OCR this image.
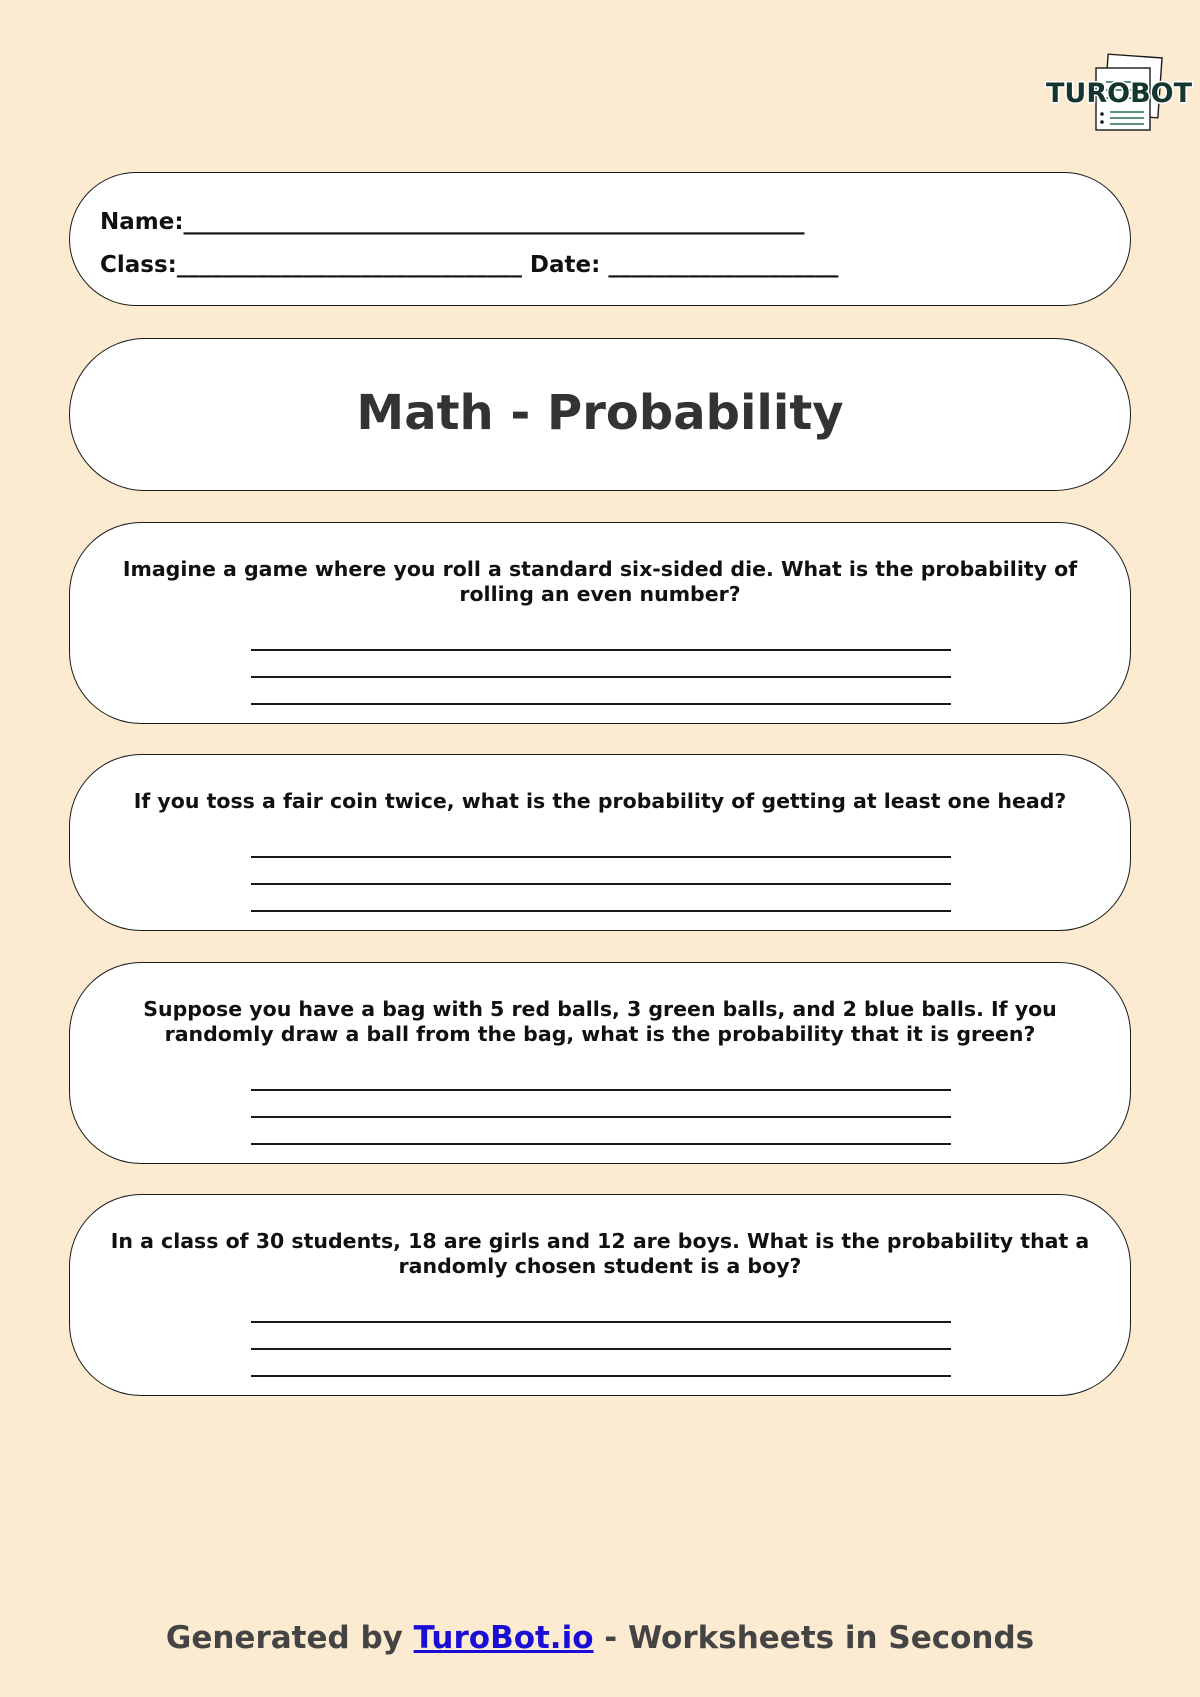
TUROBOT
Name:______________________________________________________
Class:______________________________ Date: ____________________
Math - Probability
Imagine a game where you roll a standard six-sided die. What is the probability of rolling an even number?
If you toss a fair coin twice, what is the probability of getting at least one head?
Suppose you have a bag with 5 red balls, 3 green balls, and 2 blue balls. If you randomly draw a ball from the bag, what is the probability that it is green?
In a class of 30 students, 18 are girls and 12 are boys. What is the probability that a randomly chosen student is a boy?
Generated by TuroBot.io - Worksheets in Seconds
